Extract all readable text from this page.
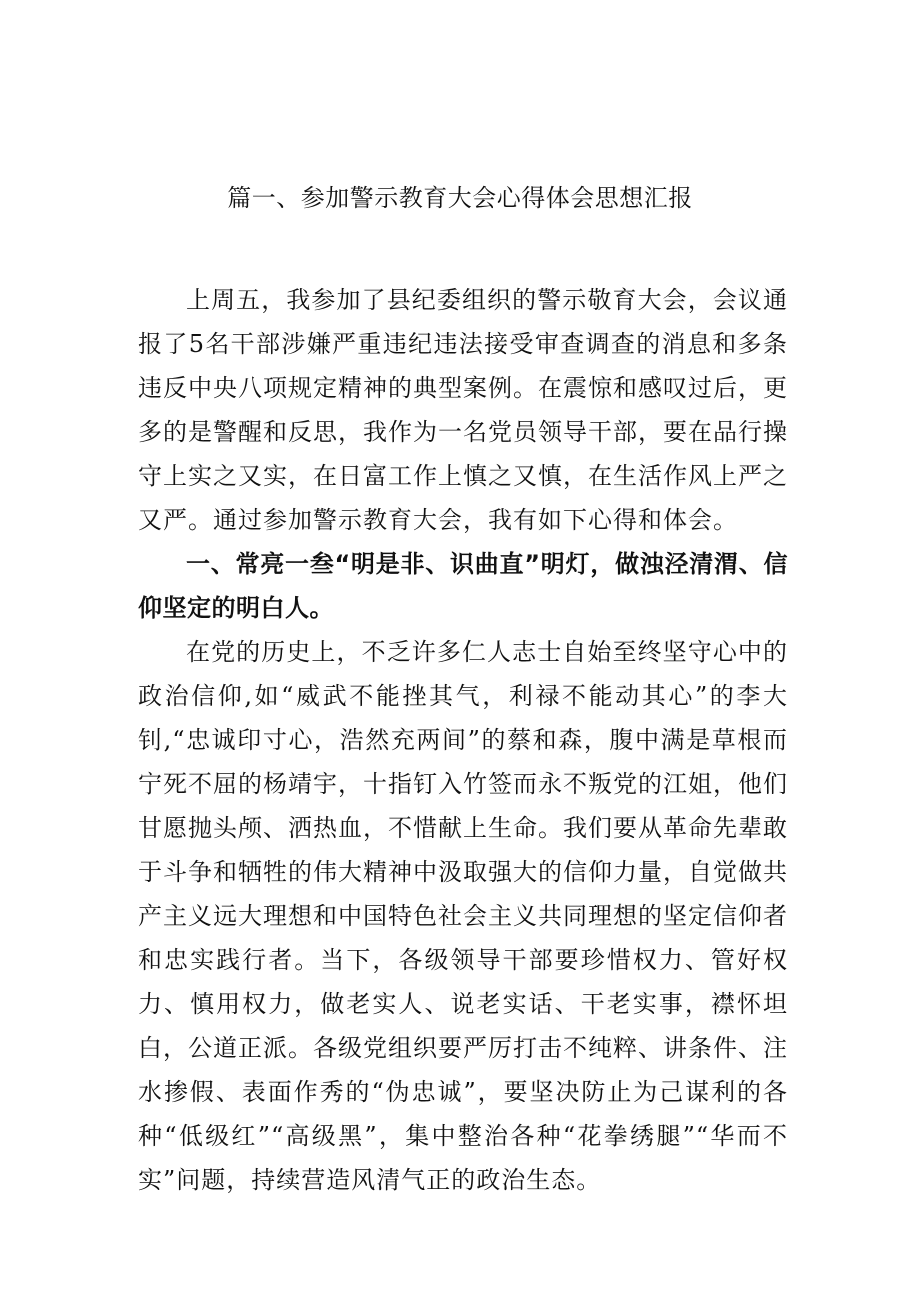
篇一、参加警示教育大会心得体会思想汇报

上周五，我参加了县纪委组织的警示敬育大会，会议通报了5名干部涉嫌严重违纪违法接受审查调查的消息和多条违反中央八项规定精神的典型案例。在震惊和感叹过后，更多的是警醒和反思，我作为一名党员领导干部，要在品行操守上实之又实，在日富工作上慎之又慎，在生活作风上严之又严。通过参加警示教育大会，我有如下心得和体会。

一、常亮一叁“明是非、识曲直”明灯，做浊泾清渭、信仰坚定的明白人。

在党的历史上，不乏许多仁人志士自始至终坚守心中的政治信仰,如“威武不能挫其气，利禄不能动其心”的李大钊,“忠诚印寸心，浩然充两间”的蔡和森，腹中满是草根而宁死不屈的杨靖宇，十指钉入竹签而永不叛党的江姐，他们甘愿抛头颅、洒热血，不惜献上生命。我们要从革命先辈敢于斗争和牺牲的伟大精神中汲取强大的信仰力量，自觉做共产主义远大理想和中国特色社会主义共同理想的坚定信仰者和忠实践行者。当下，各级领导干部要珍惜权力、管好权力、慎用权力，做老实人、说老实话、干老实事，襟怀坦白，公道正派。各级党组织要严厉打击不纯粹、讲条件、注水掺假、表面作秀的“伪忠诚”，要坚决防止为己谋利的各种“低级红”“高级黑”，集中整治各种“花拳绣腿”“华而不实”问题，持续营造风清气正的政治生态。
